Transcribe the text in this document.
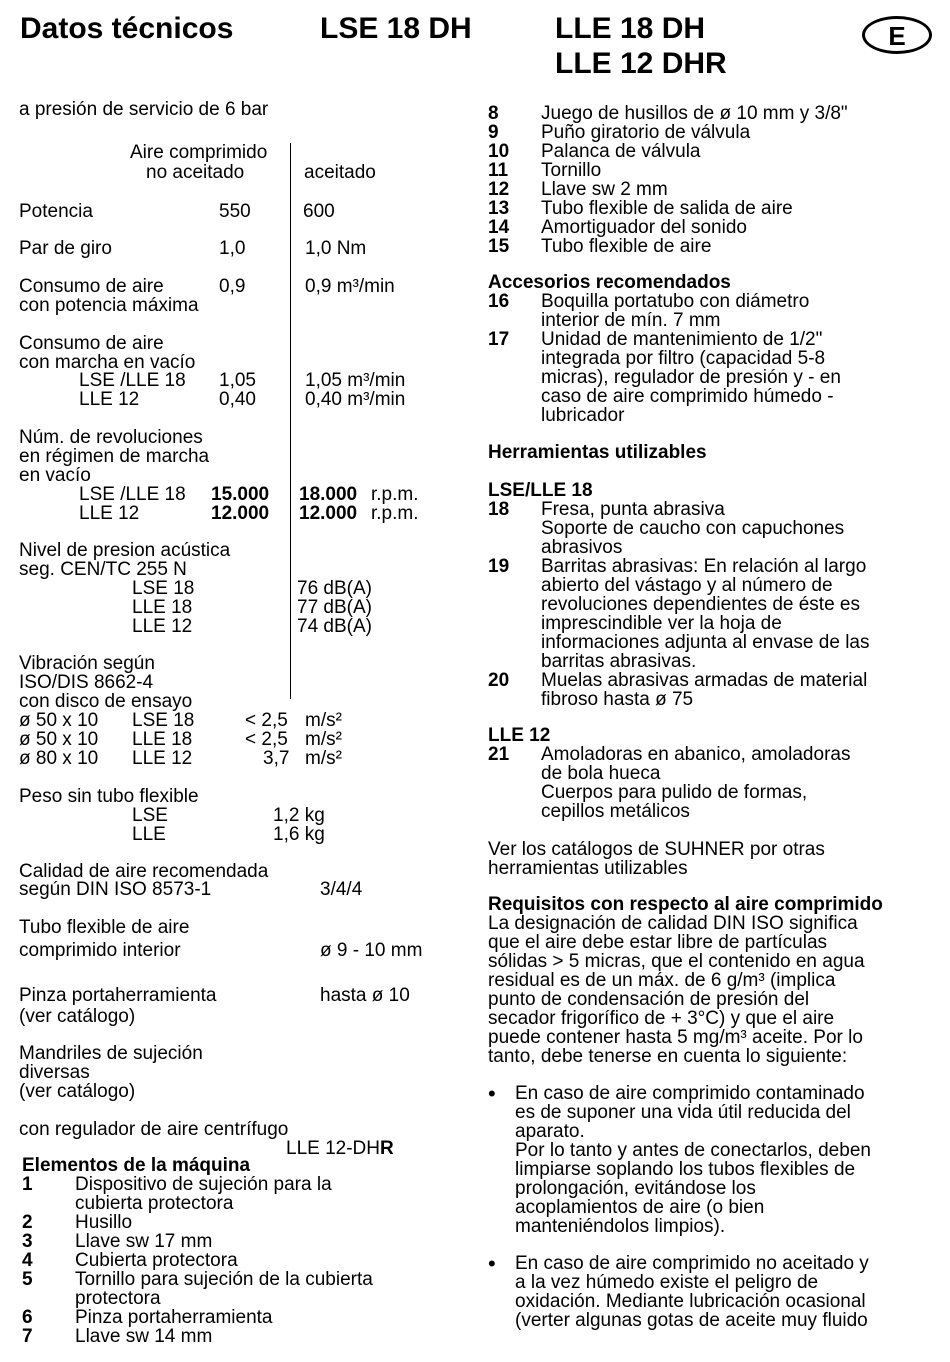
Datos técnicos	LSE 18 DH	LLE 18 DH
LLE 12 DHR
E
a presión de servicio de 6 bar
Aire comprimido
no aceitado	aceitado
Potencia	550	600
Par de giro	1,0	1,0 Nm
Consumo de aire
con potencia máxima
0,9	0,9 m³/min
Consumo de aire
con marcha en vacío
LSE /LLE 18 1,05	1,05 m³/min
LLE 12	0,40	0,40 m³/min
Núm. de revoluciones
en régimen de marcha
en vacío
LSE /LLE 18 15.000 18.000 r.p.m.
LLE 12	12.000 12.000 r.p.m.
Nivel de presion acústica
seg. CEN/TC 255 N
LSE 18	76 dB(A)
LLE 18	77 dB(A)
LLE 12	74 dB(A)
Vibración según
ISO/DIS 8662-4
con disco de ensayo
ø 50 x 10 LSE 18	< 2,5 m/s²
ø 50 x 10 LLE 18	< 2,5 m/s²
ø 80 x 10 LLE 12	3,7 m/s²
Peso sin tubo flexible
LSE	1,2 kg
LLE	1,6 kg
Calidad de aire recomendada
según DIN ISO 8573-1	3/4/4
Tubo flexible de aire
comprimido interior	ø 9 - 10 mm
Pinza portaherramienta	hasta ø 10
(ver catálogo)
Mandriles de sujeción
diversas
(ver catálogo)
con regulador de aire centrífugo
LLE 12-DHR
Elementos de la máquina
1 Dispositivo de sujeción para la
cubierta protectora
2 Husillo
3 Llave sw 17 mm
4 Cubierta protectora
5 Tornillo para sujeción de la cubierta
protectora
6 Pinza portaherramienta
7 Llave sw 14 mm
8 Juego de husillos de ø 10 mm y 3/8"
9 Puño giratorio de válvula
10 Palanca de válvula
11 Tornillo
12 Llave sw 2 mm
13 Tubo flexible de salida de aire
14 Amortiguador del sonido
15 Tubo flexible de aire
Accesorios recomendados
16 Boquilla portatubo con diámetro
interior de mín. 7 mm
17 Unidad de mantenimiento de 1/2"
integrada por filtro (capacidad 5-8
micras), regulador de presión y - en
caso de aire comprimido húmedo -
lubricador
Herramientas utilizables
LSE/LLE 18
18 Fresa, punta abrasiva
Soporte de caucho con capuchones
abrasivos
19 Barritas abrasivas: En relación al largo
abierto del vástago y al número de
revoluciones dependientes de éste es
imprescindible ver la hoja de
informaciones adjunta al envase de las
barritas abrasivas.
20 Muelas abrasivas armadas de material
fibroso hasta ø 75
LLE 12
21 Amoladoras en abanico, amoladoras
de bola hueca
Cuerpos para pulido de formas,
cepillos metálicos
Ver los catálogos de SUHNER por otras
herramientas utilizables
Requisitos con respecto al aire comprimido
La designación de calidad DIN ISO significa
que el aire debe estar libre de partículas
sólidas > 5 micras, que el contenido en agua
residual es de un máx. de 6 g/m³ (implica
punto de condensación de presión del
secador frigorífico de + 3°C) y que el aire
puede contener hasta 5 mg/m³ aceite. Por lo
tanto, debe tenerse en cuenta lo siguiente:
• En caso de aire comprimido contaminado
es de suponer una vida útil reducida del
aparato.
Por lo tanto y antes de conectarlos, deben
limpiarse soplando los tubos flexibles de
prolongación, evitándose los
acoplamientos de aire (o bien
manteniéndolos limpios).
• En caso de aire comprimido no aceitado y
a la vez húmedo existe el peligro de
oxidación. Mediante lubricación ocasional
(verter algunas gotas de aceite muy fluido
